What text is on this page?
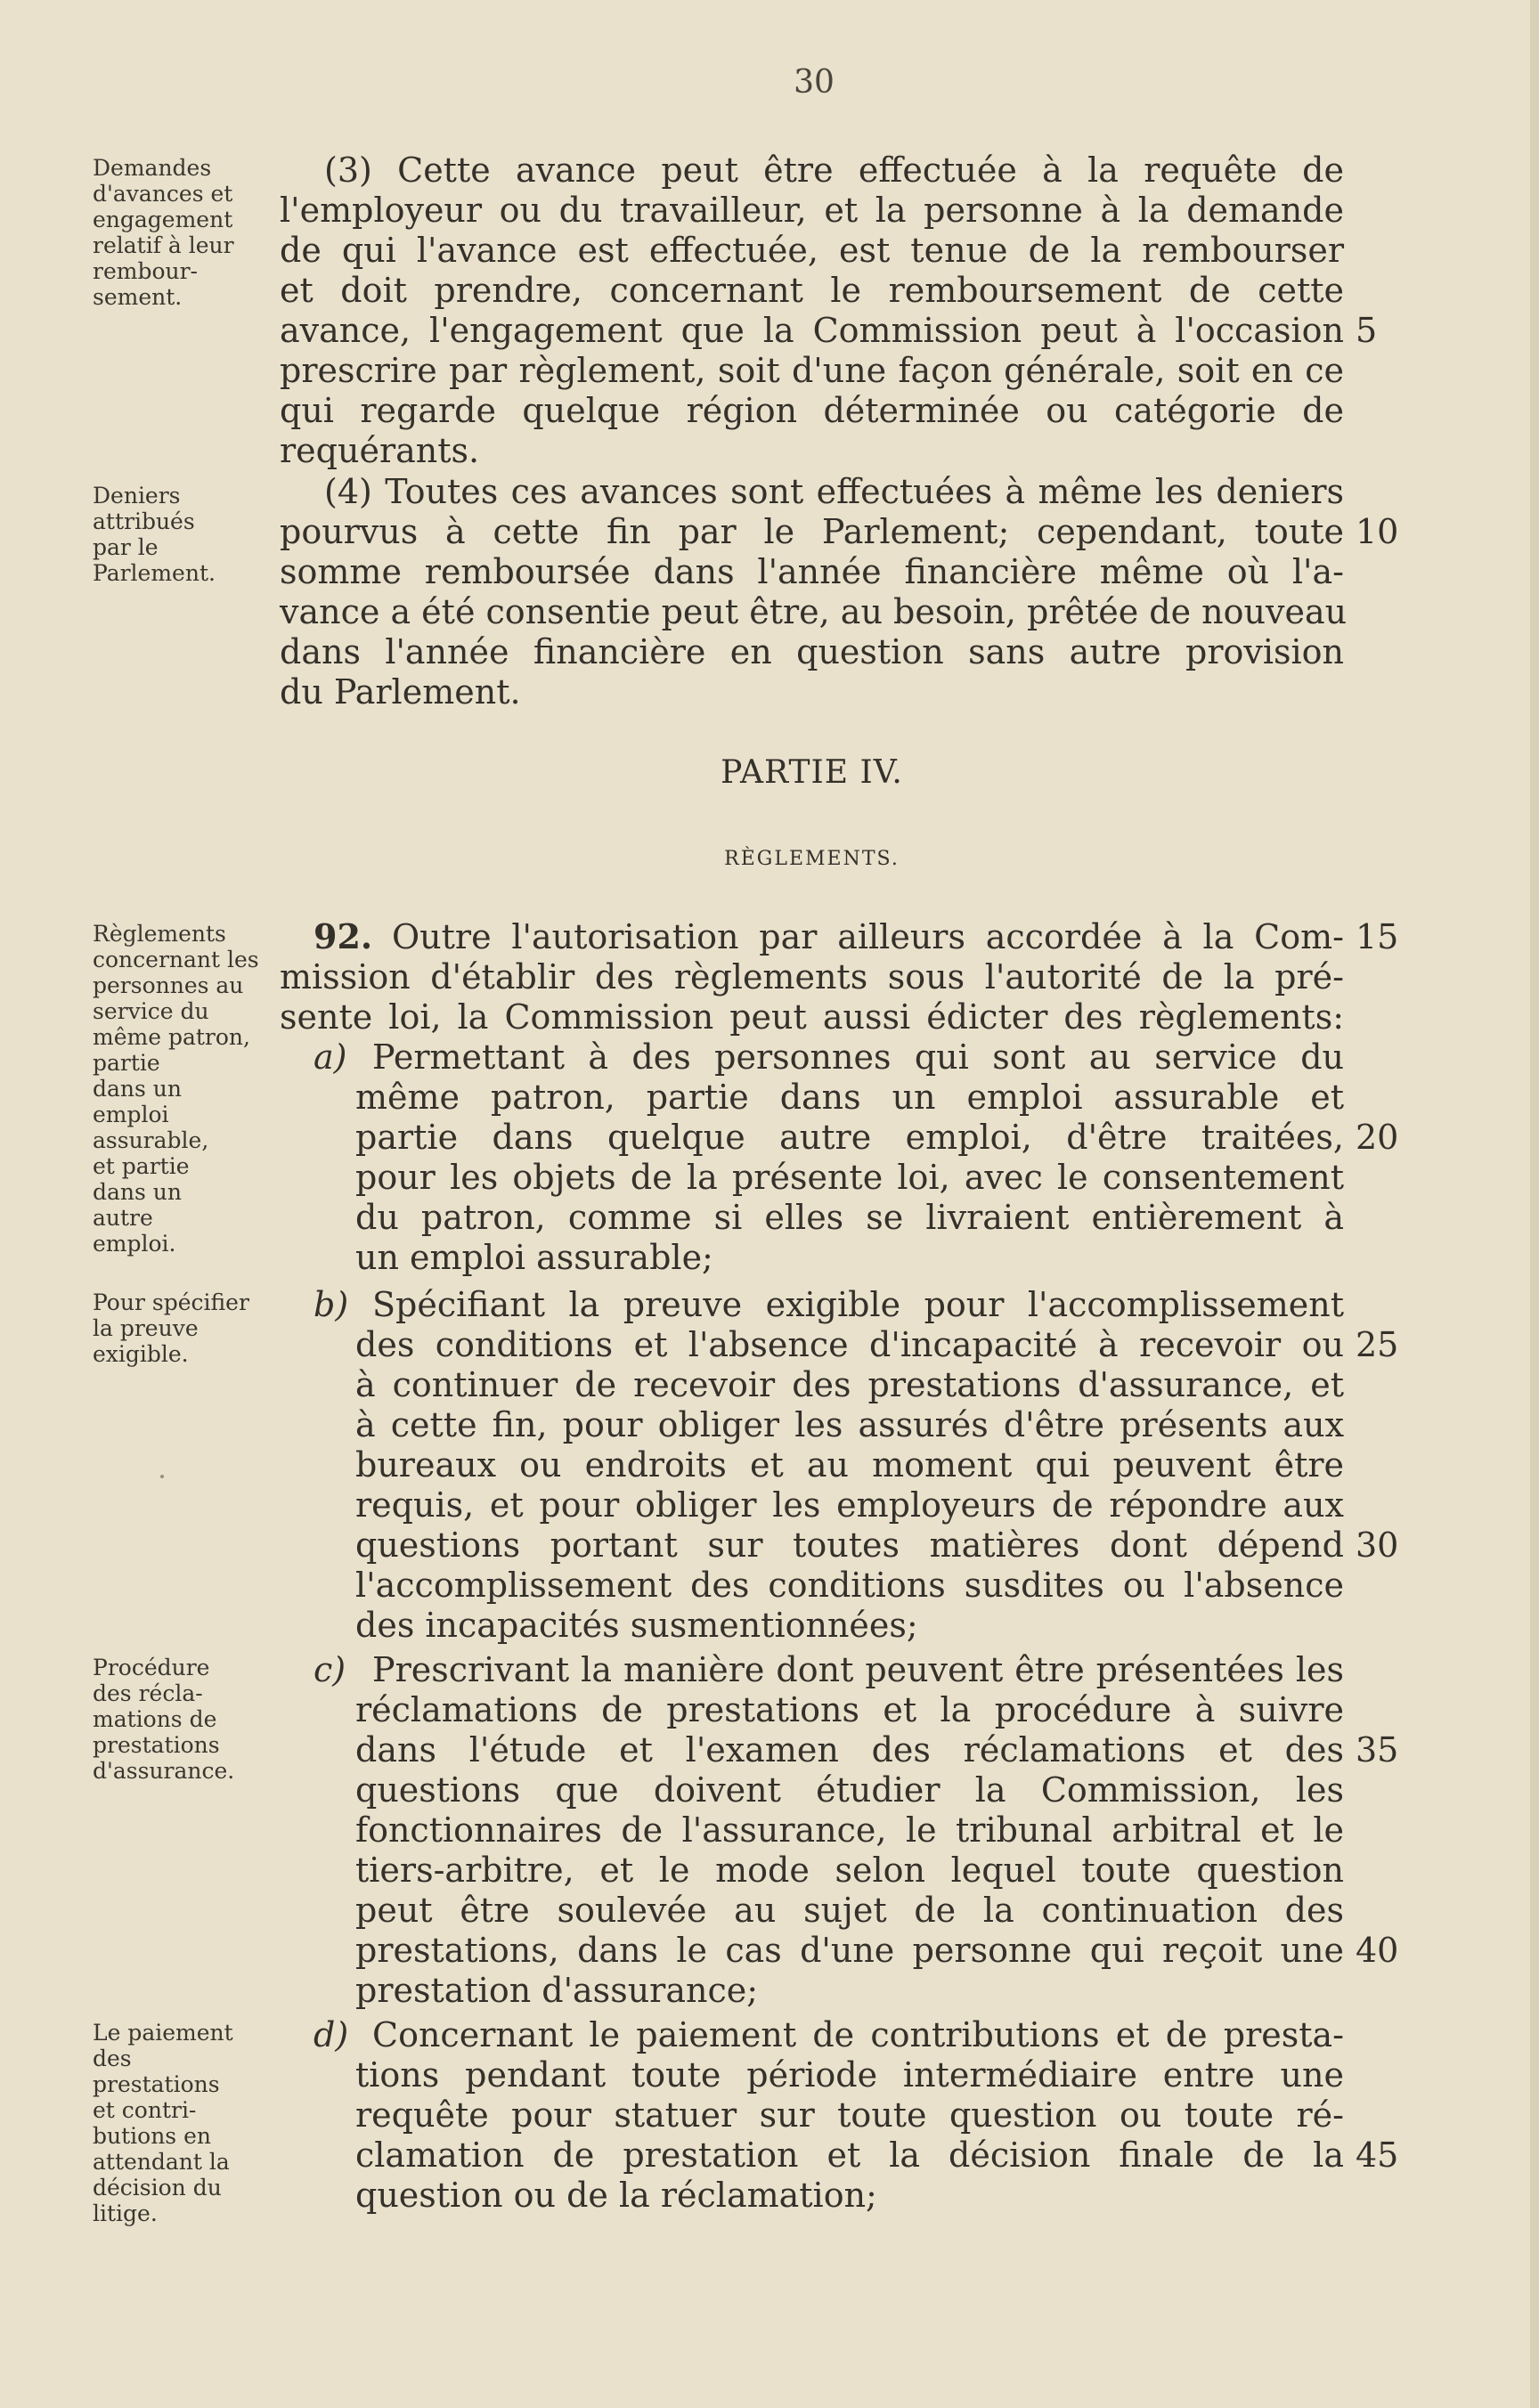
30
Demandes
d'avances et
engagement
relatif à leur
rembour-
sement.
Deniers
attribués
par le
Parlement.
Règlements
concernant les
personnes au
service du
même patron,
partie
dans un
emploi
assurable,
et partie
dans un
autre
emploi.
Pour spécifier
la preuve
exigible.
Procédure
des récla-
mations de
prestations
d'assurance.
Le paiement
des
prestations
et contri-
butions en
attendant la
décision du
litige.
(3) Cette avance peut être effectuée à la requête de
l'employeur ou du travailleur, et la personne à la demande
de qui l'avance est effectuée, est tenue de la rembourser
et doit prendre, concernant le remboursement de cette
avance, l'engagement que la Commission peut à l'occasion
prescrire par règlement, soit d'une façon générale, soit en ce
qui regarde quelque région déterminée ou catégorie de
requérants.
(4) Toutes ces avances sont effectuées à même les deniers
pourvus à cette fin par le Parlement; cependant, toute
somme remboursée dans l'année financière même où l'a-
vance a été consentie peut être, au besoin, prêtée de nouveau
dans l'année financière en question sans autre provision
du Parlement.
PARTIE IV.
RÈGLEMENTS.
92. Outre l'autorisation par ailleurs accordée à la Com-
mission d'établir des règlements sous l'autorité de la pré-
sente loi, la Commission peut aussi édicter des règlements:
a) Permettant à des personnes qui sont au service du
même patron, partie dans un emploi assurable et
partie dans quelque autre emploi, d'être traitées,
pour les objets de la présente loi, avec le consentement
du patron, comme si elles se livraient entièrement à
un emploi assurable;
b) Spécifiant la preuve exigible pour l'accomplissement
des conditions et l'absence d'incapacité à recevoir ou
à continuer de recevoir des prestations d'assurance, et
à cette fin, pour obliger les assurés d'être présents aux
bureaux ou endroits et au moment qui peuvent être
requis, et pour obliger les employeurs de répondre aux
questions portant sur toutes matières dont dépend
l'accomplissement des conditions susdites ou l'absence
des incapacités susmentionnées;
c) Prescrivant la manière dont peuvent être présentées les
réclamations de prestations et la procédure à suivre
dans l'étude et l'examen des réclamations et des
questions que doivent étudier la Commission, les
fonctionnaires de l'assurance, le tribunal arbitral et le
tiers-arbitre, et le mode selon lequel toute question
peut être soulevée au sujet de la continuation des
prestations, dans le cas d'une personne qui reçoit une
prestation d'assurance;
d) Concernant le paiement de contributions et de presta-
tions pendant toute période intermédiaire entre une
requête pour statuer sur toute question ou toute ré-
clamation de prestation et la décision finale de la
question ou de la réclamation;
5
10
15
20
25
30
35
40
45
